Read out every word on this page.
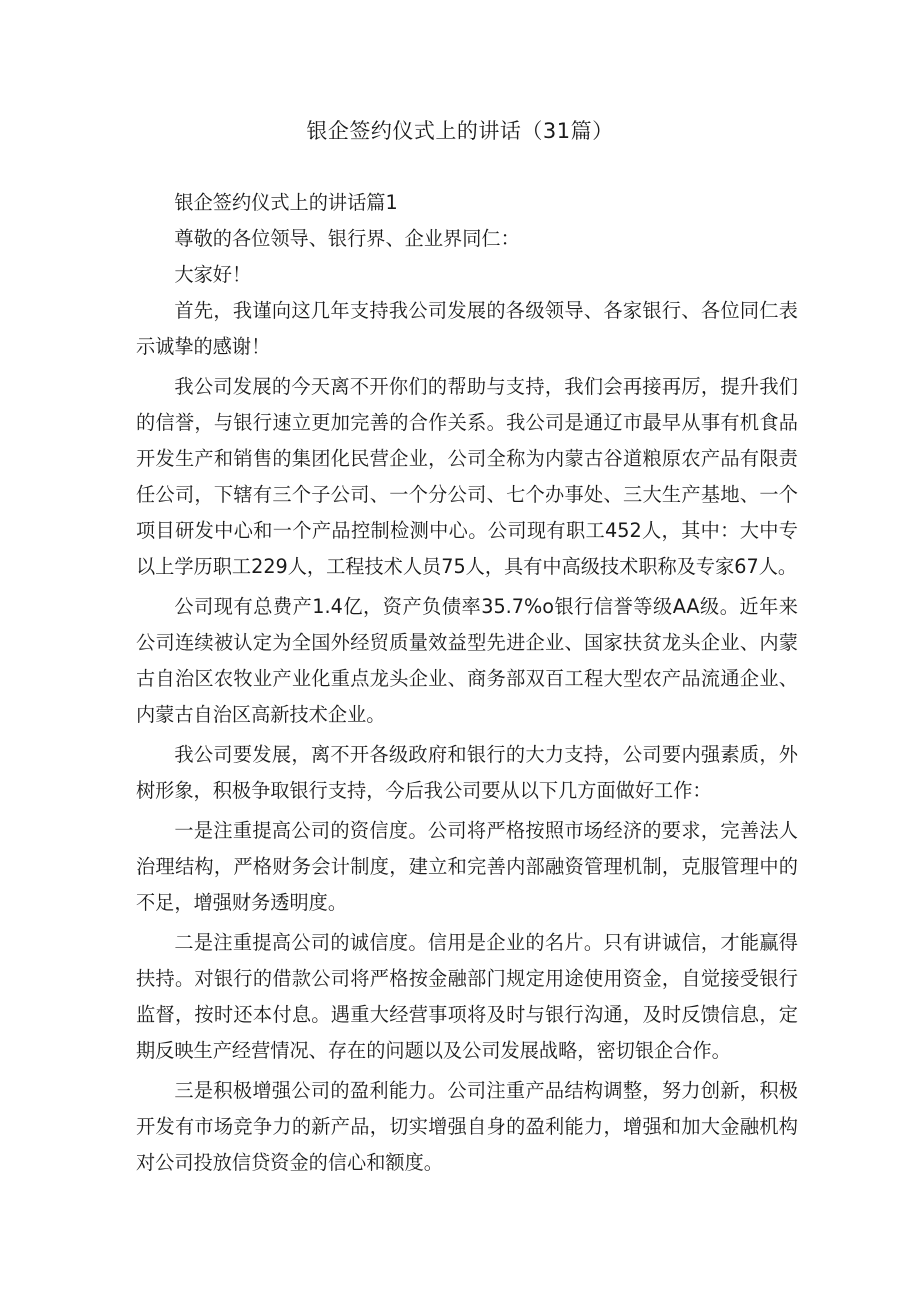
银企签约仪式上的讲话（31篇）

银企签约仪式上的讲话篇1

尊敬的各位领导、银行界、企业界同仁：

大家好！

首先，我谨向这几年支持我公司发展的各级领导、各家银行、各位同仁表示诚挚的感谢！

我公司发展的今天离不开你们的帮助与支持，我们会再接再厉，提升我们的信誉，与银行速立更加完善的合作关系。我公司是通辽市最早从事有机食品开发生产和销售的集团化民营企业，公司全称为内蒙古谷道粮原农产品有限责任公司，下辖有三个子公司、一个分公司、七个办事处、三大生产基地、一个项目研发中心和一个产品控制检测中心。公司现有职工452人，其中：大中专以上学历职工229人，工程技术人员75人，具有中高级技术职称及专家67人。

公司现有总费产1.4亿，资产负债率35.7%o银行信誉等级AA级。近年来公司连续被认定为全国外经贸质量效益型先进企业、国家扶贫龙头企业、内蒙古自治区农牧业产业化重点龙头企业、商务部双百工程大型农产品流通企业、内蒙古自治区高新技术企业。

我公司要发展，离不开各级政府和银行的大力支持，公司要内强素质，外树形象，积极争取银行支持，今后我公司要从以下几方面做好工作：

一是注重提高公司的资信度。公司将严格按照市场经济的要求，完善法人治理结构，严格财务会计制度，建立和完善内部融资管理机制，克服管理中的不足，增强财务透明度。

二是注重提高公司的诚信度。信用是企业的名片。只有讲诚信，才能赢得扶持。对银行的借款公司将严格按金融部门规定用途使用资金，自觉接受银行监督，按时还本付息。遇重大经营事项将及时与银行沟通，及时反馈信息，定期反映生产经营情况、存在的问题以及公司发展战略，密切银企合作。

三是积极增强公司的盈利能力。公司注重产品结构调整，努力创新，积极开发有市场竞争力的新产品，切实增强自身的盈利能力，增强和加大金融机构对公司投放信贷资金的信心和额度。
